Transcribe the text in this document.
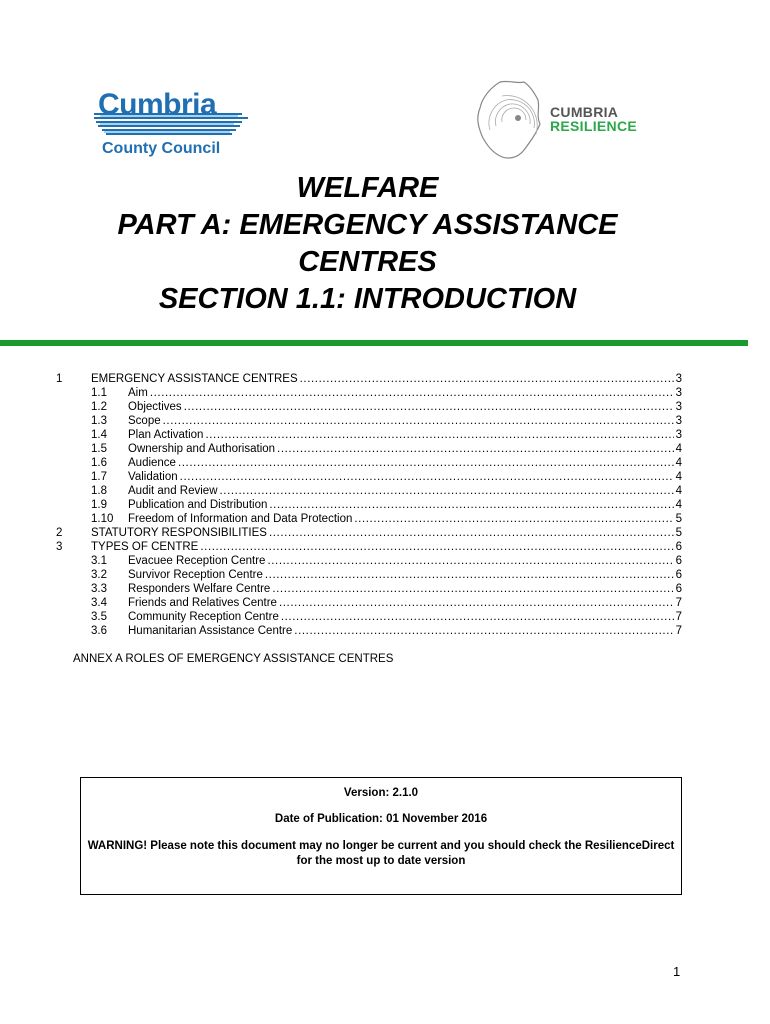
Cumbria
County Council
CUMBRIA
RESILIENCE
WELFARE
PART A: EMERGENCY ASSISTANCE
CENTRES
SECTION 1.1: INTRODUCTION
1 EMERGENCY ASSISTANCE CENTRES .....	3
1.1 Aim .....	3
1.2 Objectives .....	3
1.3 Scope .....	3
1.4 Plan Activation .....	3
1.5 Ownership and Authorisation .....	4
1.6 Audience .....	4
1.7 Validation .....	4
1.8 Audit and Review .....	4
1.9 Publication and Distribution .....	4
1.10 Freedom of Information and Data Protection .....	5
2 STATUTORY RESPONSIBILITIES .....	5
3 TYPES OF CENTRE .....	6
3.1 Evacuee Reception Centre .....	6
3.2 Survivor Reception Centre .....	6
3.3 Responders Welfare Centre .....	6
3.4 Friends and Relatives Centre .....	7
3.5 Community Reception Centre .....	7
3.6 Humanitarian Assistance Centre .....	7
ANNEX A ROLES OF EMERGENCY ASSISTANCE CENTRES
Version: 2.1.0
Date of Publication: 01 November 2016
WARNING! Please note this document may no longer be current and you should check the ResilienceDirect for the most up to date version
1
